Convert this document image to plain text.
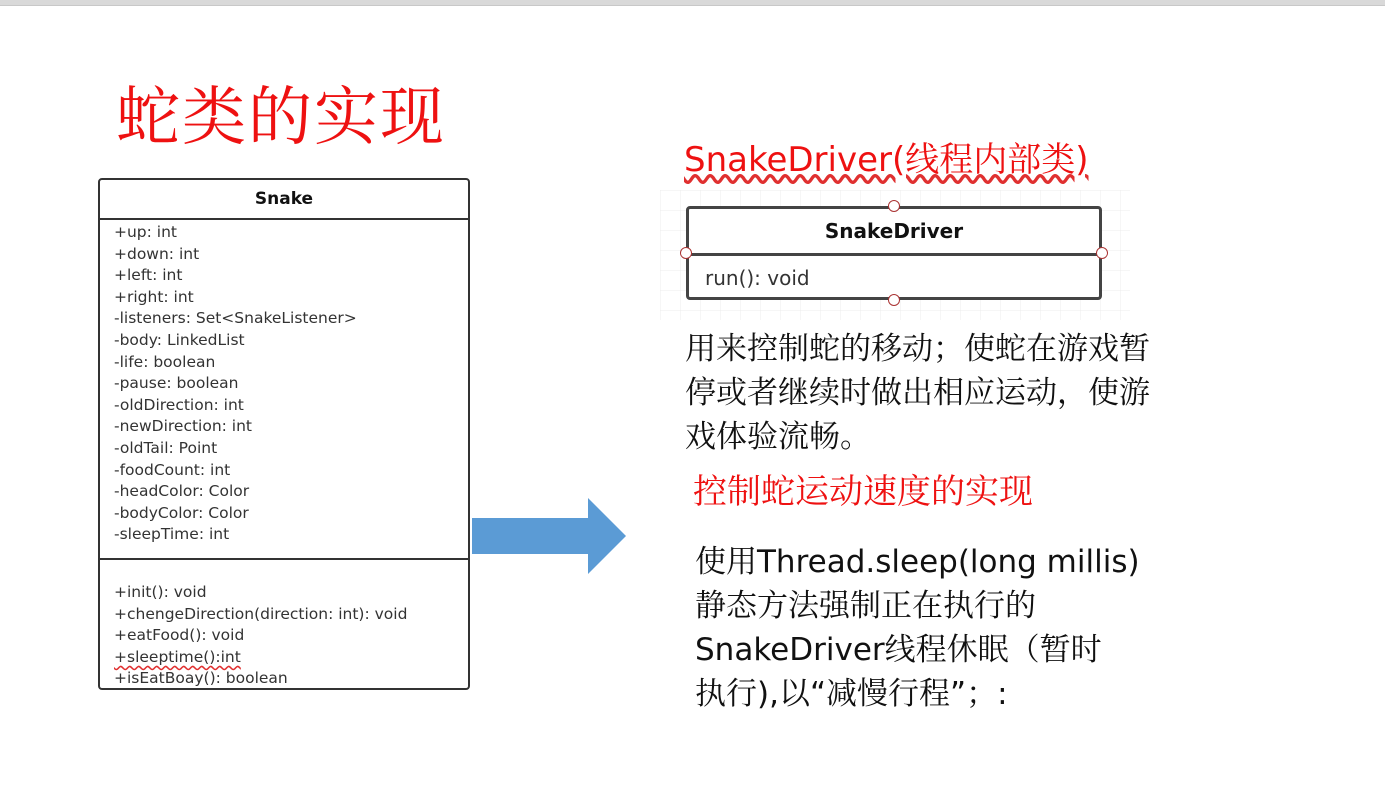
蛇类的实现
Snake
+up: int
+down: int
+left: int
+right: int
-listeners: Set<SnakeListener>
-body: LinkedList
-life: boolean
-pause: boolean
-oldDirection: int
-newDirection: int
-oldTail: Point
-foodCount: int
-headColor: Color
-bodyColor: Color
-sleepTime: int
+init(): void
+chengeDirection(direction: int): void
+eatFood(): void
+sleeptime():int
+isEatBoay(): boolean
SnakeDriver(线程内部类)
SnakeDriver
run(): void
用来控制蛇的移动；使蛇在游戏暂
停或者继续时做出相应运动，使游
戏体验流畅。
控制蛇运动速度的实现
使用Thread.sleep(long millis)
静态方法强制正在执行的
SnakeDriver线程休眠（暂时
执行),以“减慢行程”；:
